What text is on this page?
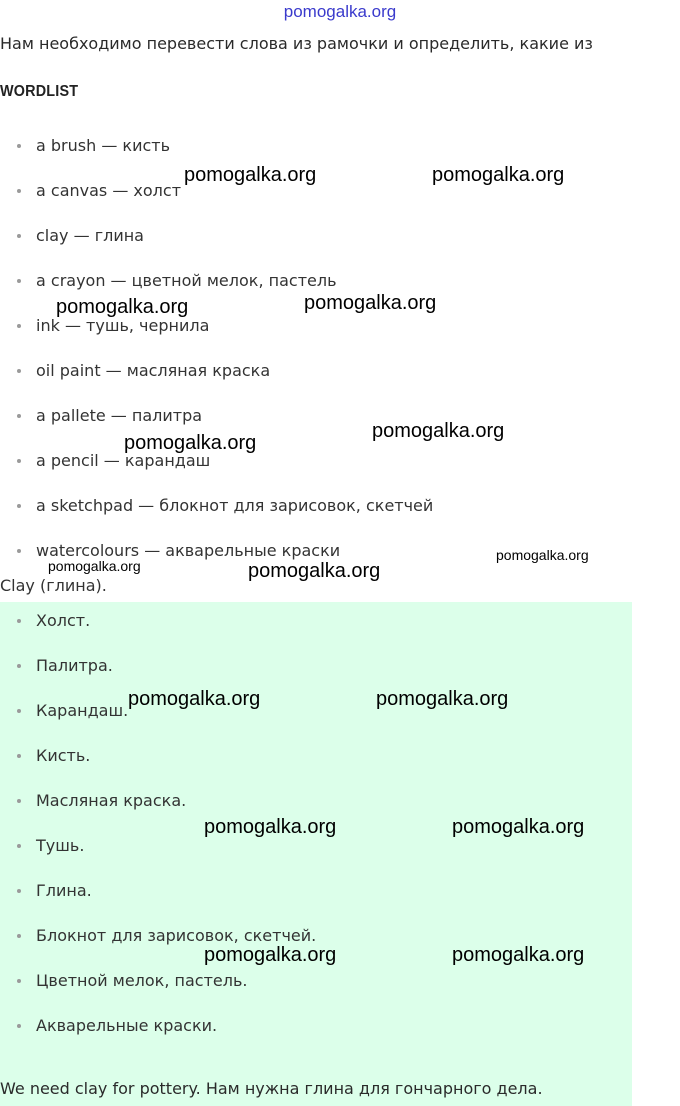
pomogalka.org
Нам необходимо перевести слова из рамочки и определить, какие из
WORDLIST
a brush — кисть
a canvas — холст
clay — глина
a crayon — цветной мелок, пастель
ink — тушь, чернила
oil paint — масляная краска
a pallete — палитра
a pencil — карандаш
a sketchpad — блокнот для зарисовок, скетчей
watercolours — акварельные краски
Clay (глина).
Холст.
Палитра.
Карандаш.
Кисть.
Масляная краска.
Тушь.
Глина.
Блокнот для зарисовок, скетчей.
Цветной мелок, пастель.
Акварельные краски.
We need clay for pottery. Нам нужна глина для гончарного дела.
pomogalka.org	pomogalka.org
pomogalka.org	pomogalka.org
pomogalka.org
pomogalka.org
pomogalka.org
pomogalka.org	pomogalka.org
pomogalka.org	pomogalka.org
pomogalka.org	pomogalka.org
pomogalka.org	pomogalka.org
